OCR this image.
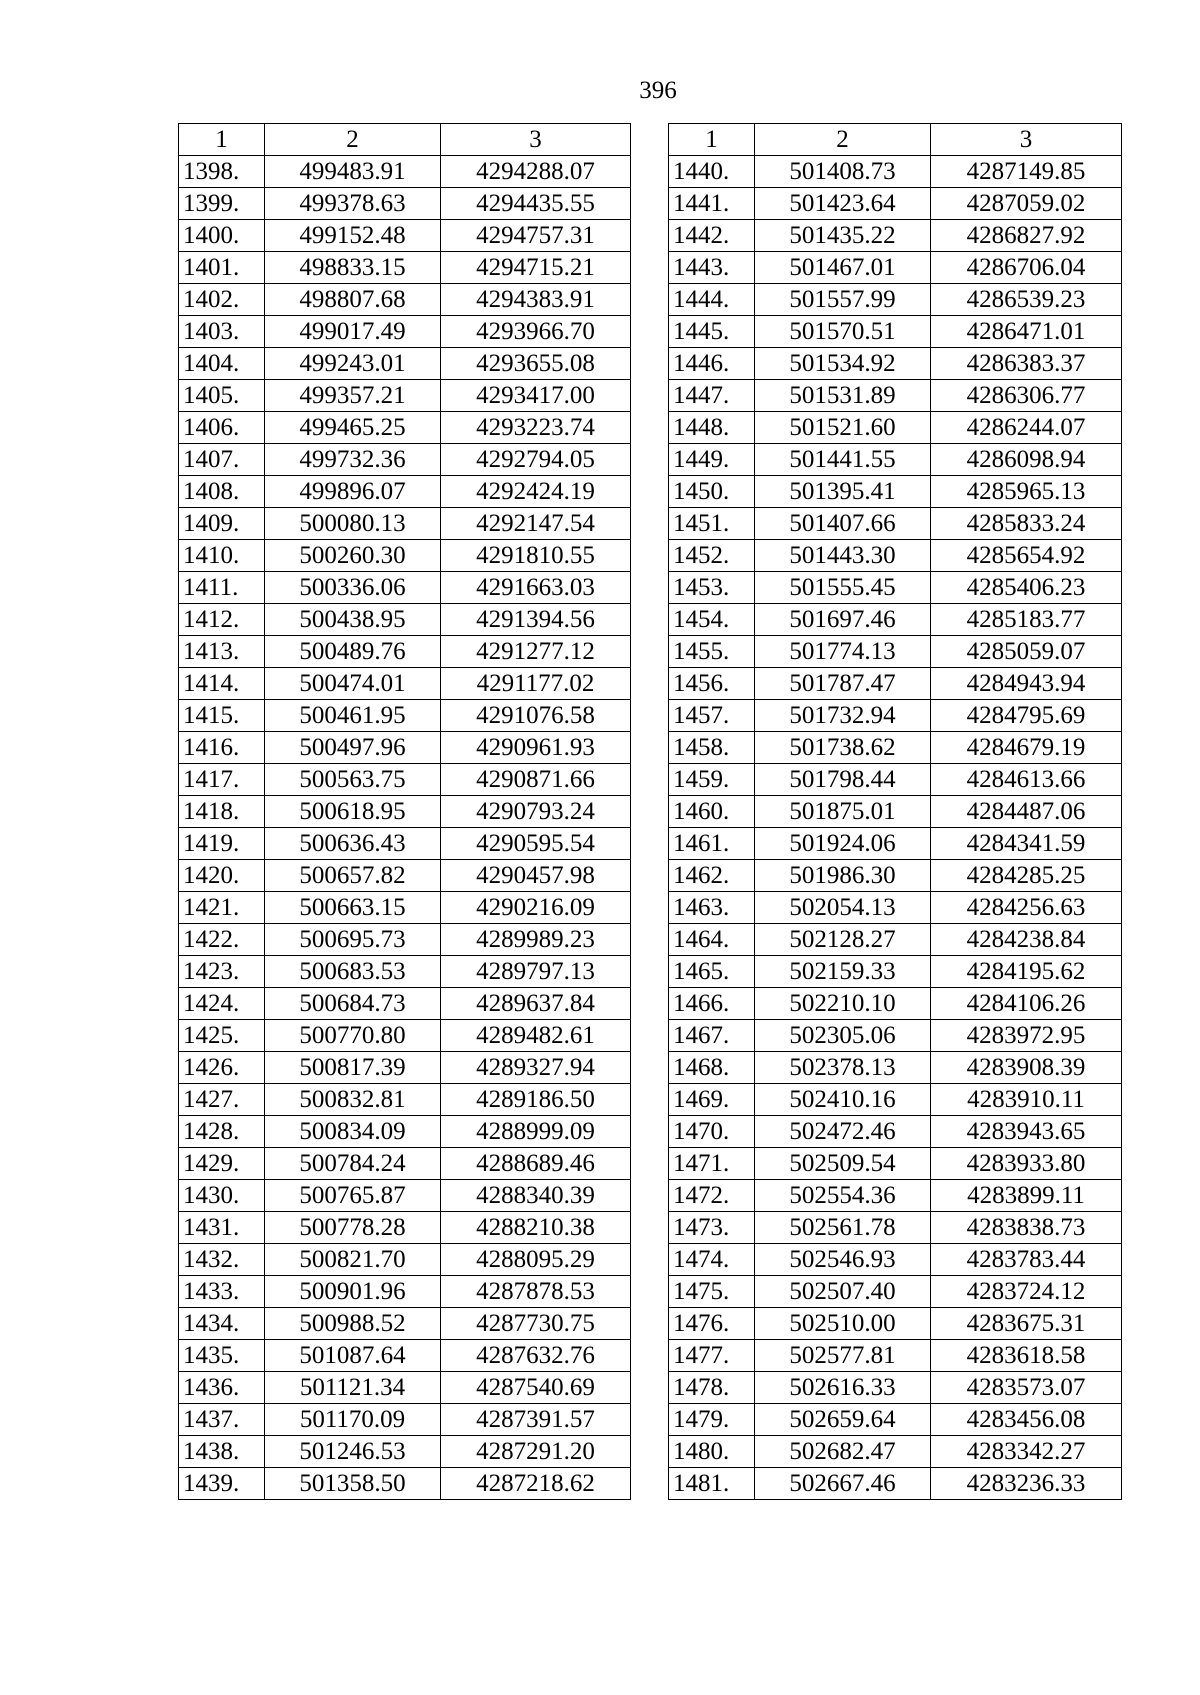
396
1	2	3
1398.	499483.91	4294288.07
1399.	499378.63	4294435.55
1400.	499152.48	4294757.31
1401.	498833.15	4294715.21
1402.	498807.68	4294383.91
1403.	499017.49	4293966.70
1404.	499243.01	4293655.08
1405.	499357.21	4293417.00
1406.	499465.25	4293223.74
1407.	499732.36	4292794.05
1408.	499896.07	4292424.19
1409.	500080.13	4292147.54
1410.	500260.30	4291810.55
1411.	500336.06	4291663.03
1412.	500438.95	4291394.56
1413.	500489.76	4291277.12
1414.	500474.01	4291177.02
1415.	500461.95	4291076.58
1416.	500497.96	4290961.93
1417.	500563.75	4290871.66
1418.	500618.95	4290793.24
1419.	500636.43	4290595.54
1420.	500657.82	4290457.98
1421.	500663.15	4290216.09
1422.	500695.73	4289989.23
1423.	500683.53	4289797.13
1424.	500684.73	4289637.84
1425.	500770.80	4289482.61
1426.	500817.39	4289327.94
1427.	500832.81	4289186.50
1428.	500834.09	4288999.09
1429.	500784.24	4288689.46
1430.	500765.87	4288340.39
1431.	500778.28	4288210.38
1432.	500821.70	4288095.29
1433.	500901.96	4287878.53
1434.	500988.52	4287730.75
1435.	501087.64	4287632.76
1436.	501121.34	4287540.69
1437.	501170.09	4287391.57
1438.	501246.53	4287291.20
1439.	501358.50	4287218.62
1	2	3
1440.	501408.73	4287149.85
1441.	501423.64	4287059.02
1442.	501435.22	4286827.92
1443.	501467.01	4286706.04
1444.	501557.99	4286539.23
1445.	501570.51	4286471.01
1446.	501534.92	4286383.37
1447.	501531.89	4286306.77
1448.	501521.60	4286244.07
1449.	501441.55	4286098.94
1450.	501395.41	4285965.13
1451.	501407.66	4285833.24
1452.	501443.30	4285654.92
1453.	501555.45	4285406.23
1454.	501697.46	4285183.77
1455.	501774.13	4285059.07
1456.	501787.47	4284943.94
1457.	501732.94	4284795.69
1458.	501738.62	4284679.19
1459.	501798.44	4284613.66
1460.	501875.01	4284487.06
1461.	501924.06	4284341.59
1462.	501986.30	4284285.25
1463.	502054.13	4284256.63
1464.	502128.27	4284238.84
1465.	502159.33	4284195.62
1466.	502210.10	4284106.26
1467.	502305.06	4283972.95
1468.	502378.13	4283908.39
1469.	502410.16	4283910.11
1470.	502472.46	4283943.65
1471.	502509.54	4283933.80
1472.	502554.36	4283899.11
1473.	502561.78	4283838.73
1474.	502546.93	4283783.44
1475.	502507.40	4283724.12
1476.	502510.00	4283675.31
1477.	502577.81	4283618.58
1478.	502616.33	4283573.07
1479.	502659.64	4283456.08
1480.	502682.47	4283342.27
1481.	502667.46	4283236.33
